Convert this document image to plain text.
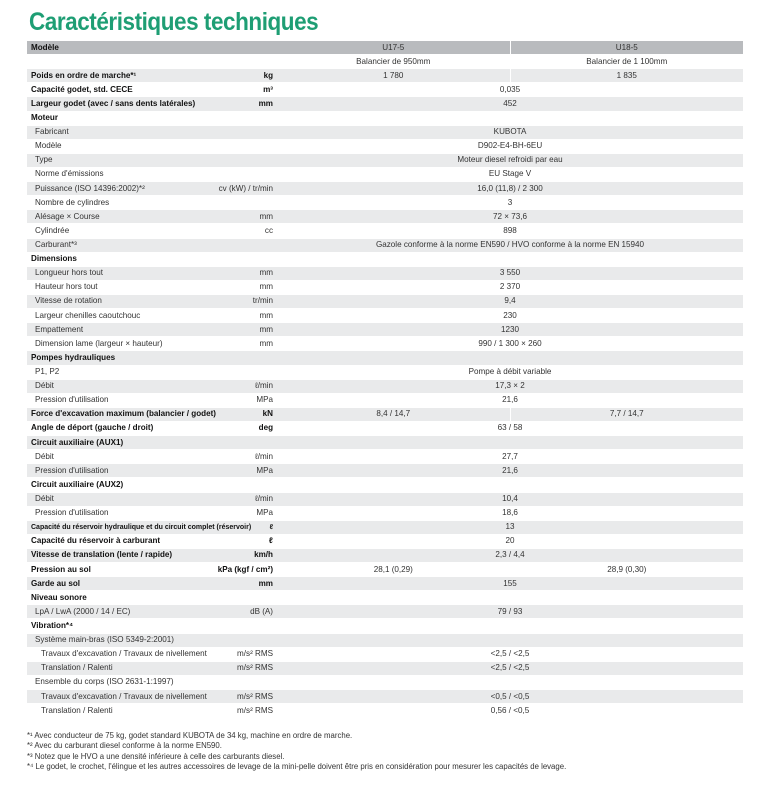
Caractéristiques techniques
Modèle	U17-5	U18-5

	Balancier de 950mm	Balancier de 1 100mm
Poids en ordre de marche*¹ kg	1 780	1 835
Capacité godet, std. CECE m³	0,035	
Largeur godet (avec / sans dents latérales) mm	452	
Moteur	

Fabricant	KUBOTA	
Modèle	D902-E4-BH-6EU	
Type	Moteur diesel refroidi par eau	
Norme d'émissions	EU Stage V	
Puissance (ISO 14396:2002)*² cv (kW) / tr/min	16,0 (11,8) / 2 300	
Nombre de cylindres	3	
Alésage × Course mm	72 × 73,6	
Cylindrée cc	898	
Carburant*³	Gazole conforme à la norme EN590 / HVO conforme à la norme EN 15940	
Dimensions	

Longueur hors tout mm	3 550	
Hauteur hors tout mm	2 370	
Vitesse de rotation tr/min	9,4	
Largeur chenilles caoutchouc mm	230	
Empattement mm	1230	
Dimension lame (largeur × hauteur) mm	990 / 1 300 × 260	
Pompes hydrauliques	

P1, P2	Pompe à débit variable	
Débit ℓ/min	17,3 × 2	
Pression d'utilisation MPa	21,6	
Force d'excavation maximum (balancier / godet) kN	8,4 / 14,7	7,7 / 14,7
Angle de déport (gauche / droit) deg	63 / 58	
Circuit auxiliaire (AUX1)	

Débit ℓ/min	27,7	
Pression d'utilisation MPa	21,6	
Circuit auxiliaire (AUX2)	

Débit ℓ/min	10,4	
Pression d'utilisation MPa	18,6	
Capacité du réservoir hydraulique et du circuit complet (réservoir) ℓ	13	
Capacité du réservoir à carburant ℓ	20	
Vitesse de translation (lente / rapide) km/h	2,3 / 4,4	
Pression au sol kPa (kgf / cm²)	28,1 (0,29)	28,9 (0,30)
Garde au sol mm	155	
Niveau sonore	

LpA / LwA (2000 / 14 / EC) dB (A)	79 / 93	
Vibration*⁴	

Système main-bras (ISO 5349-2:2001)	

Travaux d'excavation / Travaux de nivellement m/s² RMS	<2,5 / <2,5	
Translation / Ralenti m/s² RMS	<2,5 / <2,5	
Ensemble du corps (ISO 2631-1:1997)	

Travaux d'excavation / Travaux de nivellement m/s² RMS	<0,5 / <0,5	
Translation / Ralenti m/s² RMS	0,56 / <0,5	
*¹ Avec conducteur de 75 kg, godet standard KUBOTA de 34 kg, machine en ordre de marche.
*² Avec du carburant diesel conforme à la norme EN590.
*³ Notez que le HVO a une densité inférieure à celle des carburants diesel.
*⁴ Le godet, le crochet, l'élingue et les autres accessoires de levage de la mini-pelle doivent être pris en considération pour mesurer les capacités de levage.
